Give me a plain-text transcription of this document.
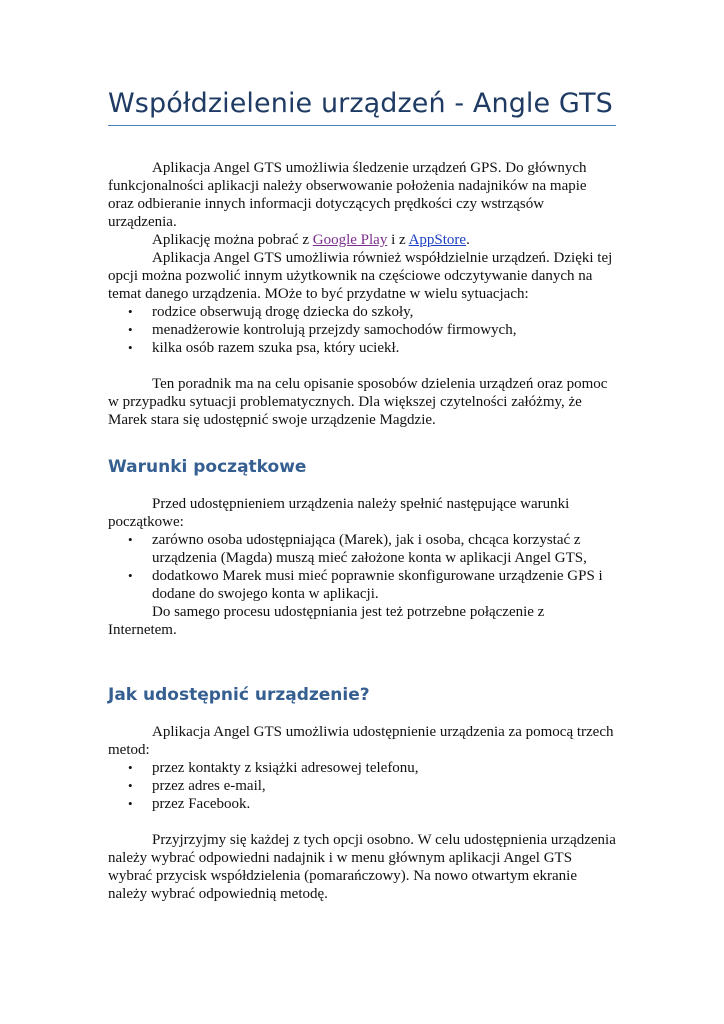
Współdzielenie urządzeń - Angle GTS

Aplikacja Angel GTS umożliwia śledzenie urządzeń GPS. Do głównych funkcjonalności aplikacji należy obserwowanie położenia nadajników na mapie oraz odbieranie innych informacji dotyczących prędkości czy wstrząsów urządzenia.

Aplikację można pobrać z Google Play i z AppStore.

Aplikacja Angel GTS umożliwia również współdzielnie urządzeń. Dzięki tej opcji można pozwolić innym użytkownik na częściowe odczytywanie danych na temat danego urządzenia. MOże to być przydatne w wielu sytuacjach:

• rodzice obserwują drogę dziecka do szkoły,
• menadżerowie kontrolują przejzdy samochodów firmowych,
• kilka osób razem szuka psa, który uciekł.

Ten poradnik ma na celu opisanie sposobów dzielenia urządzeń oraz pomoc w przypadku sytuacji problematycznych. Dla większej czytelności załóżmy, że Marek stara się udostępnić swoje urządzenie Magdzie.

Warunki początkowe

Przed udostępnieniem urządzenia należy spełnić następujące warunki początkowe:

• zarówno osoba udostępniająca (Marek), jak i osoba, chcąca korzystać z urządzenia (Magda) muszą mieć założone konta w aplikacji Angel GTS,
• dodatkowo Marek musi mieć poprawnie skonfigurowane urządzenie GPS i dodane do swojego konta w aplikacji.

Do samego procesu udostępniania jest też potrzebne połączenie z Internetem.

Jak udostępnić urządzenie?

Aplikacja Angel GTS umożliwia udostępnienie urządzenia za pomocą trzech metod:

• przez kontakty z książki adresowej telefonu,
• przez adres e-mail,
• przez Facebook.

Przyjrzyjmy się każdej z tych opcji osobno. W celu udostępnienia urządzenia należy wybrać odpowiedni nadajnik i w menu głównym aplikacji Angel GTS wybrać przycisk współdzielenia (pomarańczowy). Na nowo otwartym ekranie należy wybrać odpowiednią metodę.
